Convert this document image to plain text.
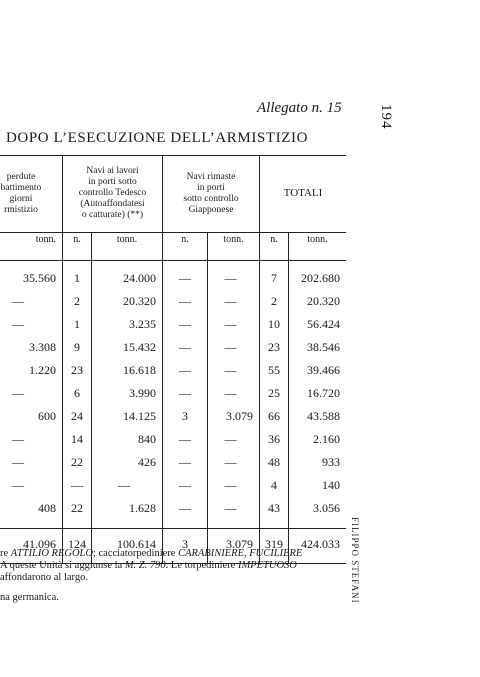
194
FILIPPO STEFANI
Allegato n. 15
DOPO L’ESECUZIONE DELL’ARMISTIZIO
perdute
battimento
giorni
rmistizio
Navi ai lavori
in porti sotto
controllo Tedesco
(Autoaffondatesi
o catturate) (**)
Navi rimaste
in porti
sotto controllo
Giapponese
TOTALI
tonn.	n.	tonn.	n.	tonn.	n.	tonn.
35.560	1	24.000	—	—	7	202.680
—	2	20.320	—	—	2	20.320
—	1	3.235	—	—	10	56.424
3.308	9	15.432	—	—	23	38.546
1.220	23	16.618	—	—	55	39.466
—	6	3.990	—	—	25	16.720
600	24	14.125	3	3.079	66	43.588
—	14	840	—	—	36	2.160
—	22	426	—	—	48	933
—	—	—	—	—	4	140
408	22	1.628	—	—	43	3.056
41.096	124	100.614	3	3.079	319	424.033

re ATTILIO REGOLO; cacciatorpediniere CARABINIERE, FUCILIERE

A queste Unità si aggiunse la M. Z. 790. Le torpediniere IMPETUOSO

affondarono al largo.

na germanica.
